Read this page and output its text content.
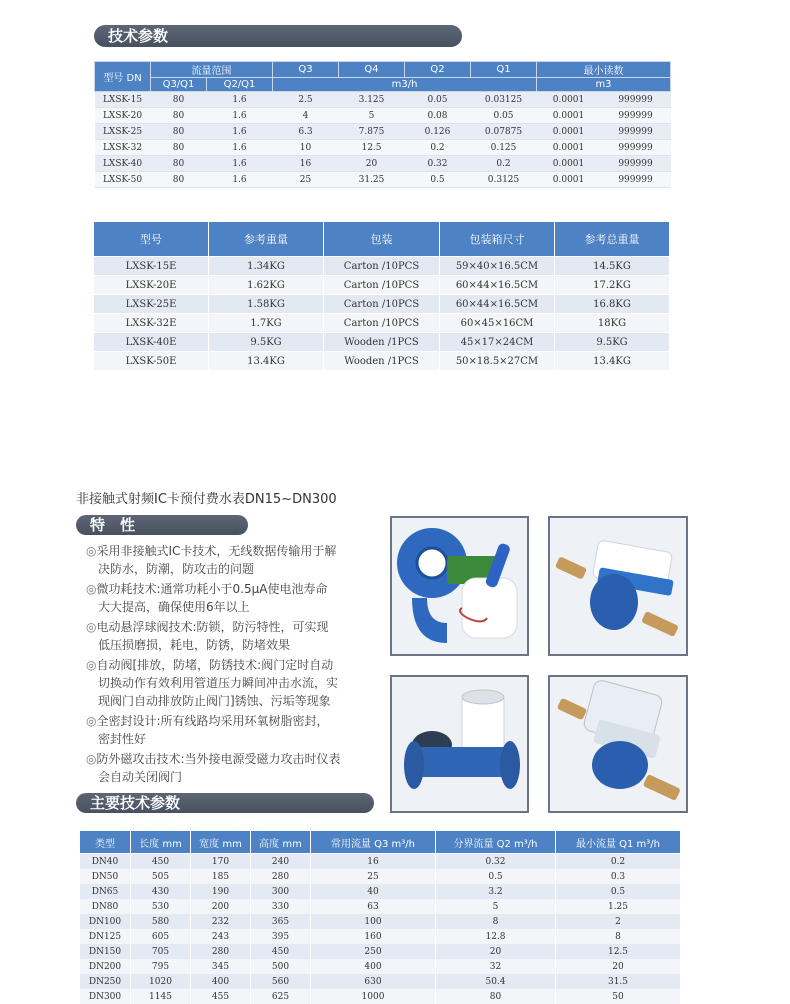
技术参数
型号 DN	流量范围		Q3	Q4	Q2	Q1	最小读数	
	Q3/Q1	Q2/Q1	m3/h				m3	
LXSK-15	80	1.6	2.5	3.125	0.05	0.03125	0.0001	999999
LXSK-20	80	1.6	4	5	0.08	0.05	0.0001	999999
LXSK-25	80	1.6	6.3	7.875	0.126	0.07875	0.0001	999999
LXSK-32	80	1.6	10	12.5	0.2	0.125	0.0001	999999
LXSK-40	80	1.6	16	20	0.32	0.2	0.0001	999999
LXSK-50	80	1.6	25	31.25	0.5	0.3125	0.0001	999999
型号	参考重量	包装	包装箱尺寸	参考总重量
LXSK-15E	1.34KG	Carton /10PCS	59×40×16.5CM	14.5KG
LXSK-20E	1.62KG	Carton /10PCS	60×44×16.5CM	17.2KG
LXSK-25E	1.58KG	Carton /10PCS	60×44×16.5CM	16.8KG
LXSK-32E	1.7KG	Carton /10PCS	60×45×16CM	18KG
LXSK-40E	9.5KG	Wooden /1PCS	45×17×24CM	9.5KG
LXSK-50E	13.4KG	Wooden /1PCS	50×18.5×27CM	13.4KG
非接触式射频IC卡预付费水表DN15~DN300
特　性
◎采用非接触式IC卡技术，无线数据传输用于解
决防水，防潮，防攻击的问题
◎微功耗技术:通常功耗小于0.5μA使电池寿命
大大提高，确保使用6年以上
◎电动悬浮球阀技术:防锁，防污特性，可实现
低压损磨损，耗电，防锈，防堵效果
◎自动阀[排放，防堵，防锈技术:阀门定时自动
切换动作有效利用管道压力瞬间冲击水流，实
现阀门自动排放防止阀门]锈蚀、污垢等现象
◎全密封设计:所有线路均采用环氧树脂密封，
密封性好
◎防外磁攻击技术:当外接电源受磁力攻击时仪表
会自动关闭阀门
主要技术参数
类型	长度 mm	宽度 mm	高度 mm	常用流量 Q3 m³/h	分界流量 Q2 m³/h	最小流量 Q1 m³/h
DN40	450	170	240	16	0.32	0.2
DN50	505	185	280	25	0.5	0.3
DN65	430	190	300	40	3.2	0.5
DN80	530	200	330	63	5	1.25
DN100	580	232	365	100	8	2
DN125	605	243	395	160	12.8	8
DN150	705	280	450	250	20	12.5
DN200	795	345	500	400	32	20
DN250	1020	400	560	630	50.4	31.5
DN300	1145	455	625	1000	80	50
